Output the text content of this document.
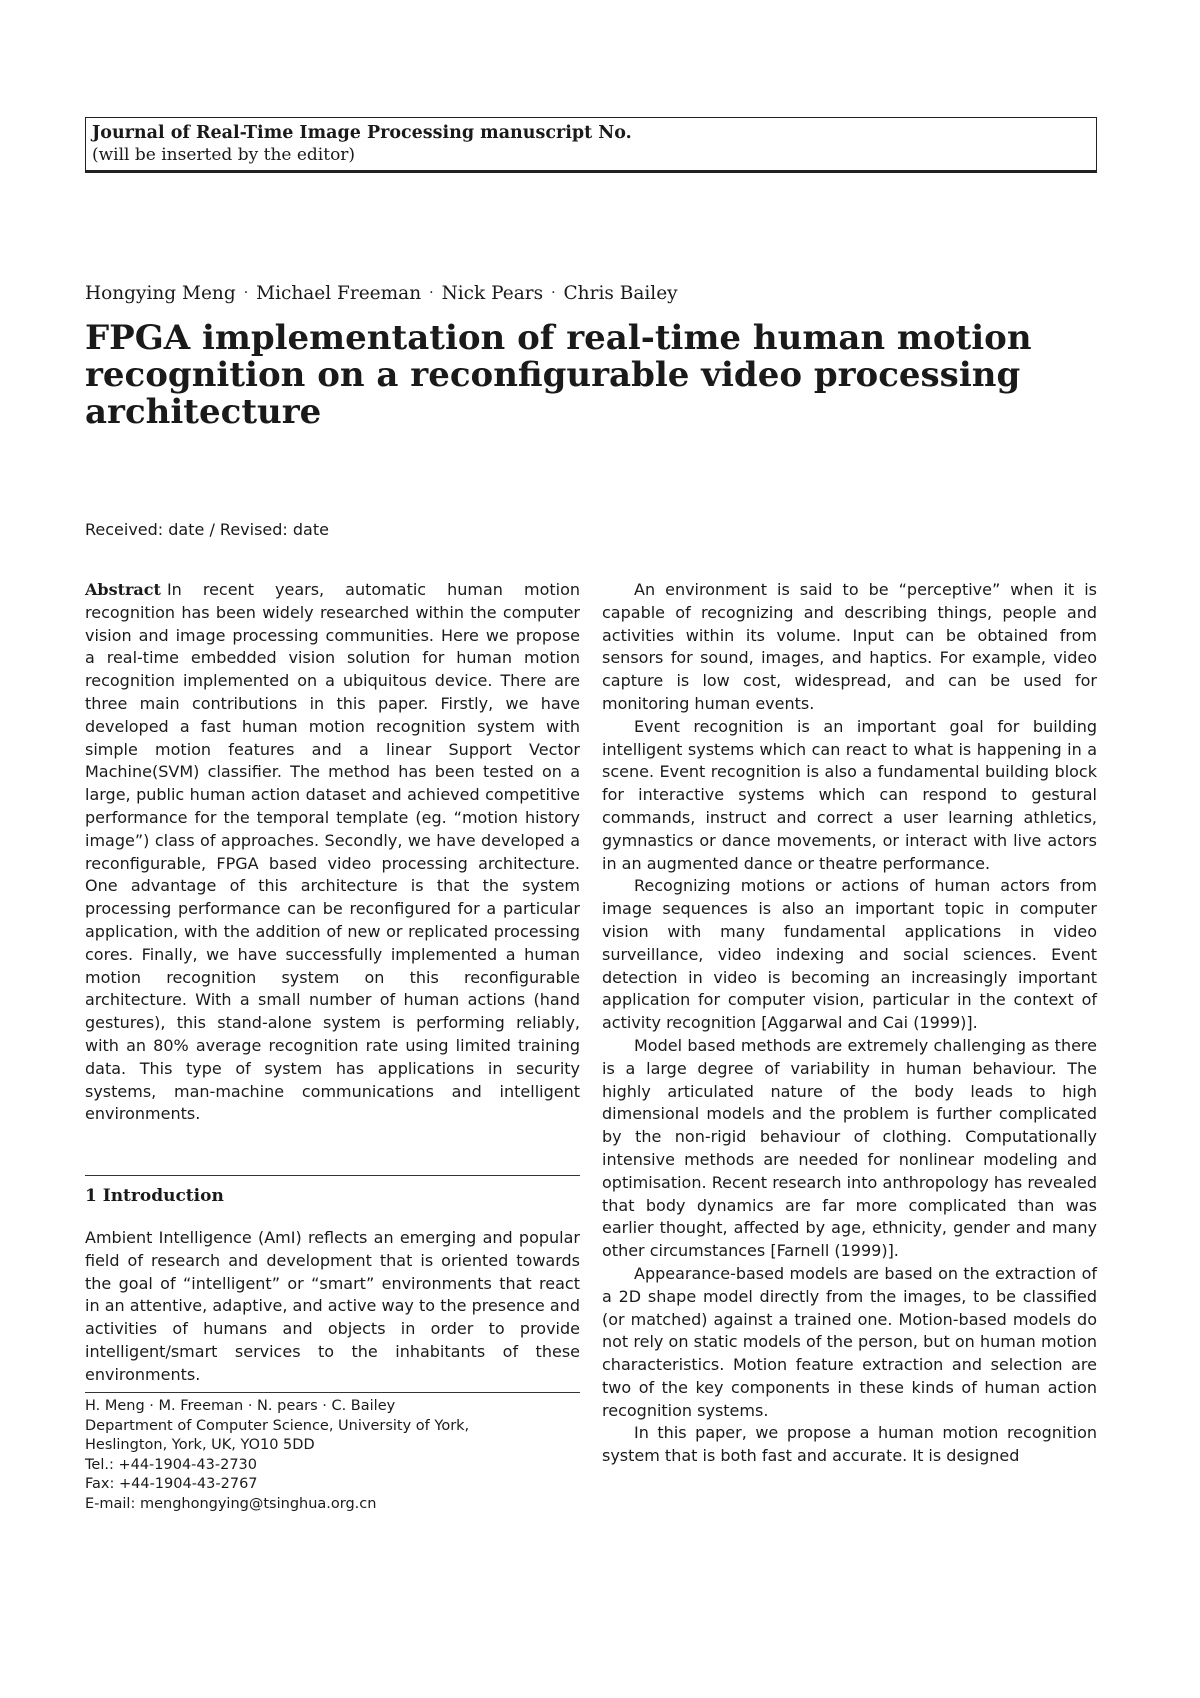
Journal of Real-Time Image Processing manuscript No.
(will be inserted by the editor)
Hongying Meng · Michael Freeman · Nick Pears · Chris Bailey
FPGA implementation of real-time human motion recognition on a reconfigurable video processing architecture
Received: date / Revised: date

Abstract In recent years, automatic human motion recognition has been widely researched within the computer vision and image processing communities. Here we propose a real-time embedded vision solution for human motion recognition implemented on a ubiquitous device. There are three main contributions in this paper. Firstly, we have developed a fast human motion recognition system with simple motion features and a linear Support Vector Machine(SVM) classifier. The method has been tested on a large, public human action dataset and achieved competitive performance for the temporal template (eg. “motion history image”) class of approaches. Secondly, we have developed a reconfigurable, FPGA based video processing architecture. One advantage of this architecture is that the system processing performance can be reconfigured for a particular application, with the addition of new or replicated processing cores. Finally, we have successfully implemented a human motion recognition system on this reconfigurable architecture. With a small number of human actions (hand gestures), this stand-alone system is performing reliably, with an 80% average recognition rate using limited training data. This type of system has applications in security systems, man-machine communications and intelligent environments.

1 Introduction

Ambient Intelligence (AmI) reflects an emerging and popular field of research and development that is oriented towards the goal of “intelligent” or “smart” environments that react in an attentive, adaptive, and active way to the presence and activities of humans and objects in order to provide intelligent/smart services to the inhabitants of these environments.

H. Meng · M. Freeman · N. pears · C. Bailey
Department of Computer Science, University of York,
Heslington, York, UK, YO10 5DD
Tel.: +44-1904-43-2730
Fax: +44-1904-43-2767
E-mail: menghongying@tsinghua.org.cn

An environment is said to be “perceptive” when it is capable of recognizing and describing things, people and activities within its volume. Input can be obtained from sensors for sound, images, and haptics. For example, video capture is low cost, widespread, and can be used for monitoring human events.

Event recognition is an important goal for building intelligent systems which can react to what is happening in a scene. Event recognition is also a fundamental building block for interactive systems which can respond to gestural commands, instruct and correct a user learning athletics, gymnastics or dance movements, or interact with live actors in an augmented dance or theatre performance.

Recognizing motions or actions of human actors from image sequences is also an important topic in computer vision with many fundamental applications in video surveillance, video indexing and social sciences. Event detection in video is becoming an increasingly important application for computer vision, particular in the context of activity recognition [Aggarwal and Cai (1999)].

Model based methods are extremely challenging as there is a large degree of variability in human behaviour. The highly articulated nature of the body leads to high dimensional models and the problem is further complicated by the non-rigid behaviour of clothing. Computationally intensive methods are needed for nonlinear modeling and optimisation. Recent research into anthropology has revealed that body dynamics are far more complicated than was earlier thought, affected by age, ethnicity, gender and many other circumstances [Farnell (1999)].

Appearance-based models are based on the extraction of a 2D shape model directly from the images, to be classified (or matched) against a trained one. Motion-based models do not rely on static models of the person, but on human motion characteristics. Motion feature extraction and selection are two of the key components in these kinds of human action recognition systems.

In this paper, we propose a human motion recognition system that is both fast and accurate. It is designed
